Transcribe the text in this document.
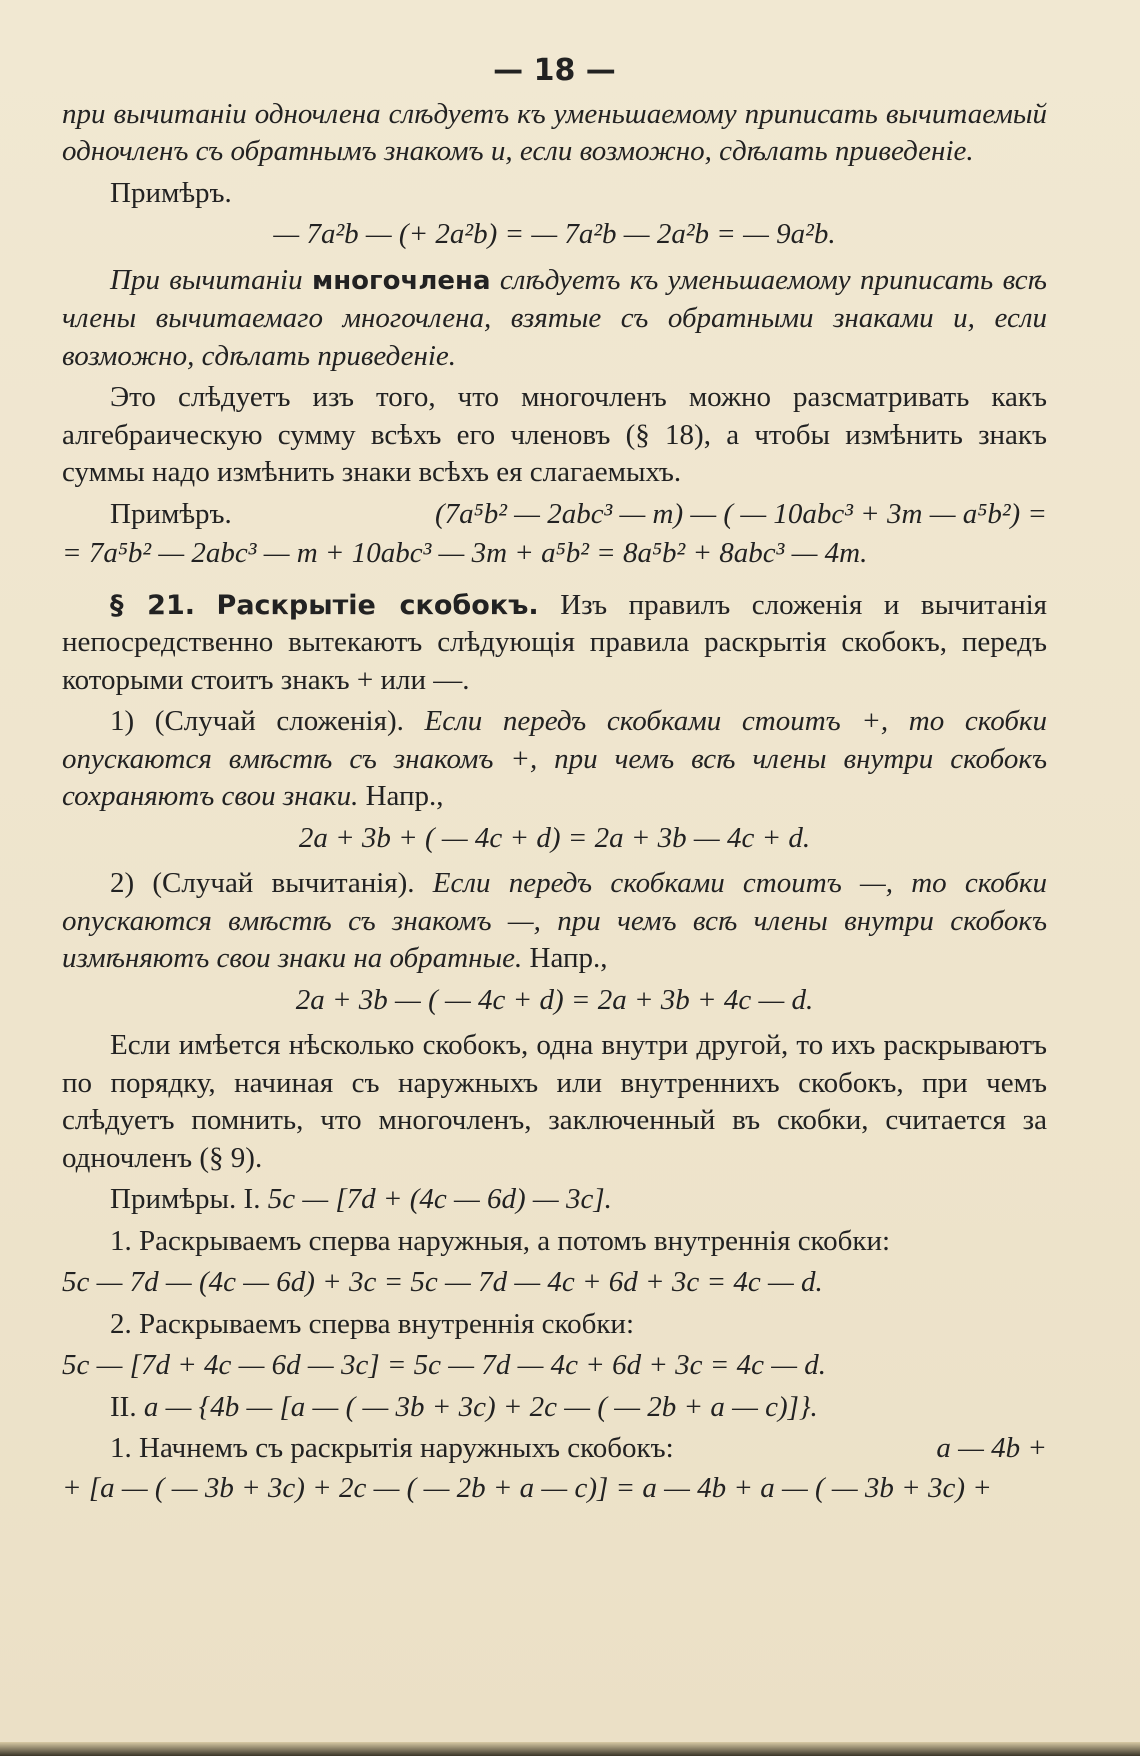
— 18 —

при вычитаніи одночлена слѣдуетъ къ уменьшаемому приписать вычитаемый одночленъ съ обратнымъ знакомъ и, если возможно, сдѣлать приведеніе.

Примѣръ.

— 7a²b — (+ 2a²b) = — 7a²b — 2a²b = — 9a²b.

При вычитаніи многочлена слѣдуетъ къ уменьшаемому приписать всѣ члены вычитаемаго многочлена, взятые съ обратными знаками и, если возможно, сдѣлать приведеніе.

Это слѣдуетъ изъ того, что многочленъ можно разсматривать какъ алгебраическую сумму всѣхъ его членовъ (§ 18), а чтобы измѣнить знакъ суммы надо измѣнить знаки всѣхъ ея слагаемыхъ.

Примѣръ.	(7a⁵b² — 2abc³ — m) — ( — 10abc³ + 3m — a⁵b²) =
= 7a⁵b² — 2abc³ — m + 10abc³ — 3m + a⁵b² = 8a⁵b² + 8abc³ — 4m.

§ 21. Раскрытіе скобокъ. Изъ правилъ сложенія и вычитанія непосредственно вытекаютъ слѣдующія правила раскрытія скобокъ, передъ которыми стоитъ знакъ + или —.

1) (Случай сложенія). Если передъ скобками стоитъ +, то скобки опускаются вмѣстѣ съ знакомъ +, при чемъ всѣ члены внутри скобокъ сохраняютъ свои знаки. Напр.,

2a + 3b + ( — 4c + d) = 2a + 3b — 4c + d.

2) (Случай вычитанія). Если передъ скобками стоитъ —, то скобки опускаются вмѣстѣ съ знакомъ —, при чемъ всѣ члены внутри скобокъ измѣняютъ свои знаки на обратные. Напр.,

2a + 3b — ( — 4c + d) = 2a + 3b + 4c — d.

Если имѣется нѣсколько скобокъ, одна внутри другой, то ихъ раскрываютъ по порядку, начиная съ наружныхъ или внутреннихъ скобокъ, при чемъ слѣдуетъ помнить, что многочленъ, заключенный въ скобки, считается за одночленъ (§ 9).

Примѣры. I. 5c — [7d + (4c — 6d) — 3c].

1. Раскрываемъ сперва наружныя, а потомъ внутреннія скобки:

5c — 7d — (4c — 6d) + 3c = 5c — 7d — 4c + 6d + 3c = 4c — d.

2. Раскрываемъ сперва внутреннія скобки:

5c — [7d + 4c — 6d — 3c] = 5c — 7d — 4c + 6d + 3c = 4c — d.

II. a — {4b — [a — ( — 3b + 3c) + 2c — ( — 2b + a — c)]}.

1. Начнемъ съ раскрытія наружныхъ скобокъ:	a — 4b +
+ [a — ( — 3b + 3c) + 2c — ( — 2b + a — c)] = a — 4b + a — ( — 3b + 3c) +
